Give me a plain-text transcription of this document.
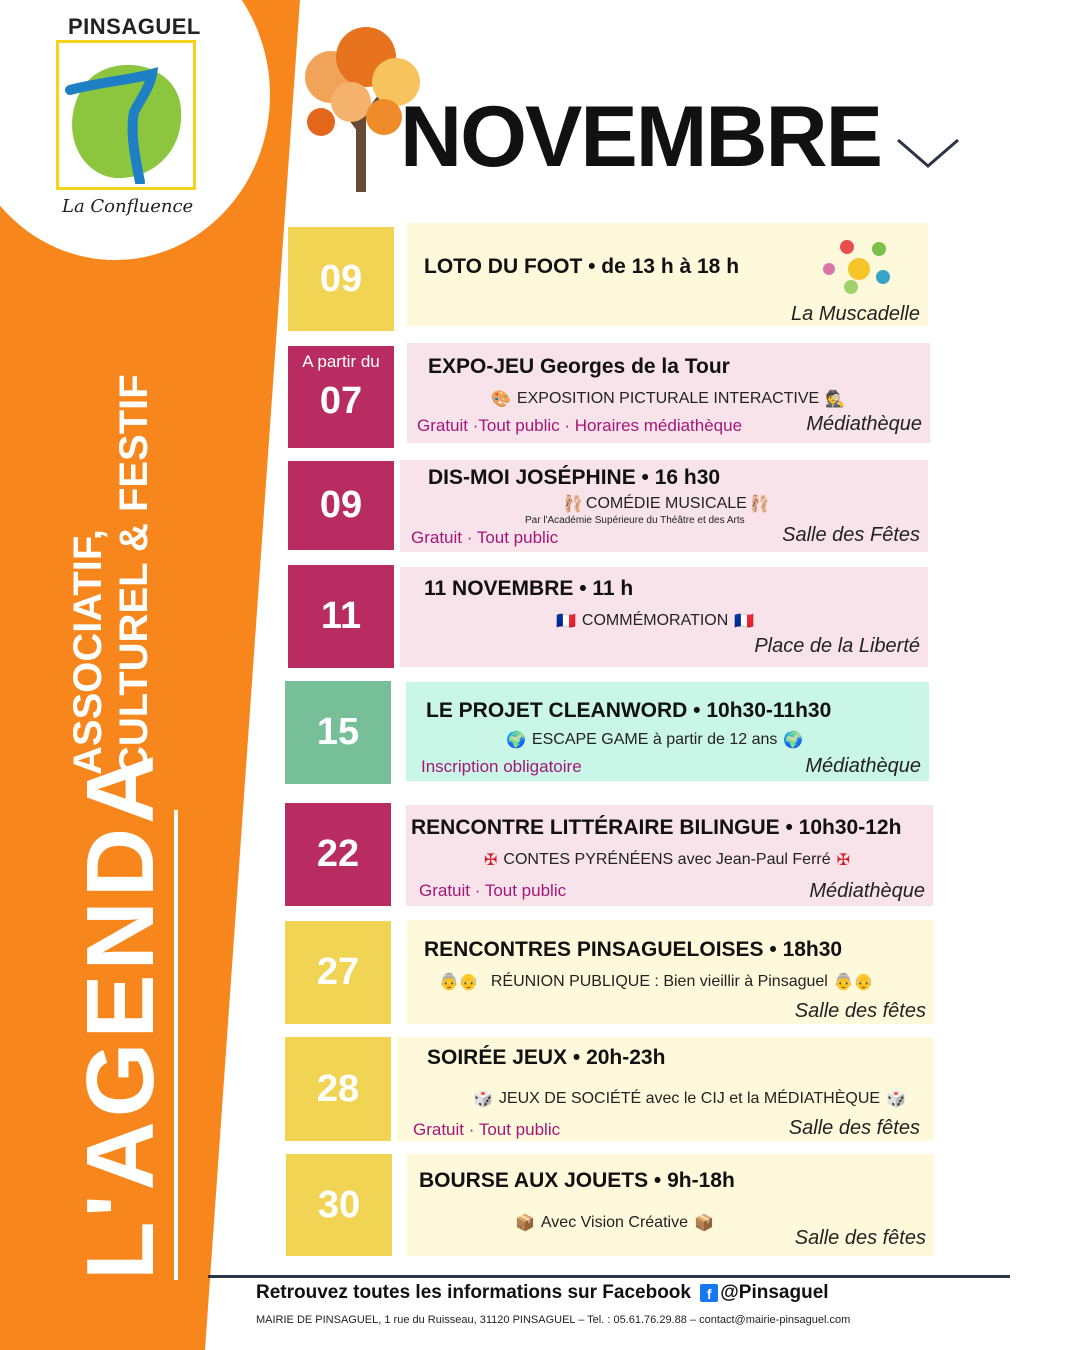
PINSAGUEL
La Confluence
L'AGENDA
ASSOCIATIF, CULTUREL & FESTIF
NOVEMBRE
09	LOTO DU FOOT • de 13 h à 18 h
La Muscadelle
A partir du
07
EXPO-JEU Georges de la Tour
🎨 EXPOSITION PICTURALE INTERACTIVE 🕵
Gratuit ·Tout public · Horaires médiathèque	Médiathèque
09
DIS-MOI JOSÉPHINE • 16 h30
🩰 COMÉDIE MUSICALE 🩰
Par l'Académie Supérieure du Théâtre et des Arts
Gratuit · Tout public	Salle des Fêtes
11
11 NOVEMBRE • 11 h
🇫🇷 COMMÉMORATION 🇫🇷
Place de la Liberté
15
LE PROJET CLEANWORD • 10h30-11h30
🌍 ESCAPE GAME à partir de 12 ans 🌍
Inscription obligatoire	Médiathèque
22
RENCONTRE LITTÉRAIRE BILINGUE • 10h30-12h
✠ CONTES PYRÉNÉENS avec Jean-Paul Ferré ✠
Gratuit · Tout public	Médiathèque
27
RENCONTRES PINSAGUELOISES • 18h30
👵👴 RÉUNION PUBLIQUE : Bien vieillir à Pinsaguel 👵👴
Salle des fêtes
28
SOIRÉE JEUX • 20h-23h
🎲 JEUX DE SOCIÉTÉ avec le CIJ et la MÉDIATHÈQUE 🎲
Gratuit · Tout public	Salle des fêtes
30
BOURSE AUX JOUETS • 9h-18h
📦 Avec Vision Créative 📦
Salle des fêtes
Retrouvez toutes les informations sur Facebook f @Pinsaguel
MAIRIE DE PINSAGUEL, 1 rue du Ruisseau, 31120 PINSAGUEL – Tel. : 05.61.76.29.88 – contact@mairie-pinsaguel.com
